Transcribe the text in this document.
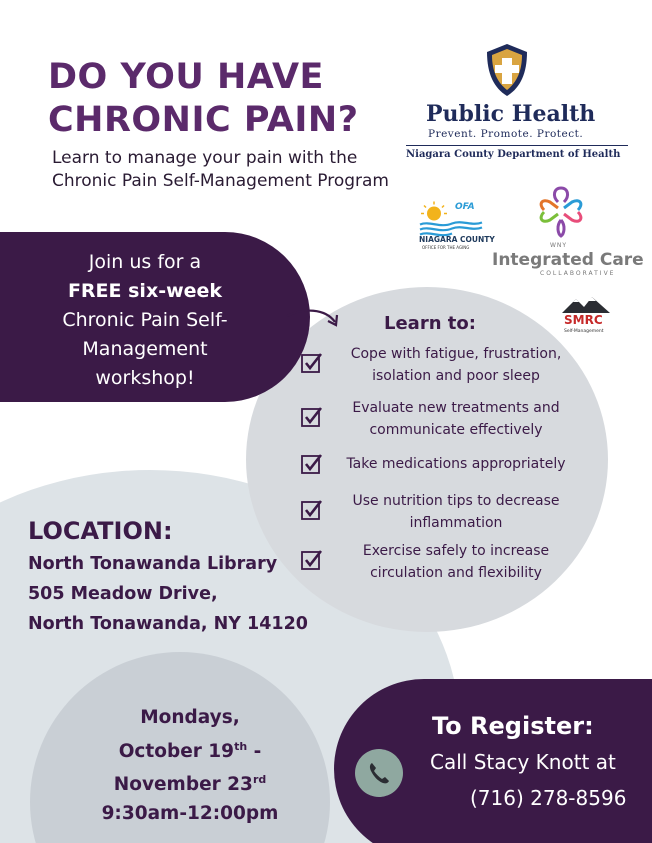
DO YOU HAVE
CHRONIC PAIN?
Learn to manage your pain with the Chronic Pain Self-Management Program
Join us for a
FREE six-week
Chronic Pain Self-
Management
workshop!
Learn to:
Cope with fatigue, frustration,
isolation and poor sleep
Evaluate new treatments and
communicate effectively
Take medications appropriately
Use nutrition tips to decrease
inflammation
Exercise safely to increase
circulation and flexibility
LOCATION:
North Tonawanda Library
505 Meadow Drive,
North Tonawanda, NY 14120
Mondays,
October 19th -
November 23rd
9:30am-12:00pm
To Register:
Call Stacy Knott at
(716) 278-8596
Public Health
Prevent. Promote. Protect.
Niagara County Department of Health
OFA
NIAGARA COUNTY
OFFICE FOR THE AGING	WNY
Integrated Care
COLLABORATIVE
SMRC
Self-Management
